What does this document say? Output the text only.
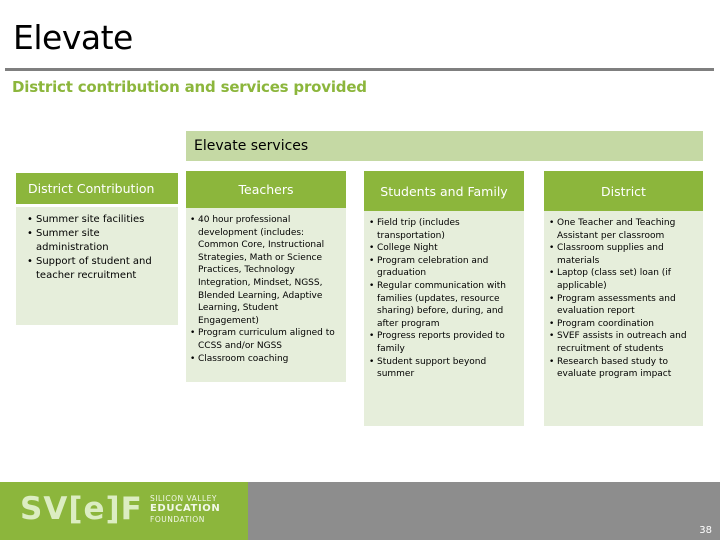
Elevate
District contribution and services provided
Elevate services
District Contribution
• Summer site facilities
• Summer site administration
• Support of student and teacher recruitment
Teachers
• 40 hour professional development (includes: Common Core, Instructional Strategies, Math or Science Practices, Technology Integration, Mindset, NGSS, Blended Learning, Adaptive Learning, Student Engagement)
• Program curriculum aligned to CCSS and/or NGSS
• Classroom coaching
Students and Family
• Field trip (includes transportation)
• College Night
• Program celebration and graduation
• Regular communication with families (updates, resource sharing) before, during, and after program
• Progress reports provided to family
• Student support beyond summer
District
• One Teacher and Teaching Assistant per classroom
• Classroom supplies and materials
• Laptop (class set) loan (if applicable)
• Program assessments and evaluation report
• Program coordination
• SVEF assists in outreach and recruitment of students
• Research based study to evaluate program impact
SV[e]F SILICON VALLEY
EDUCATION
FOUNDATION
38
